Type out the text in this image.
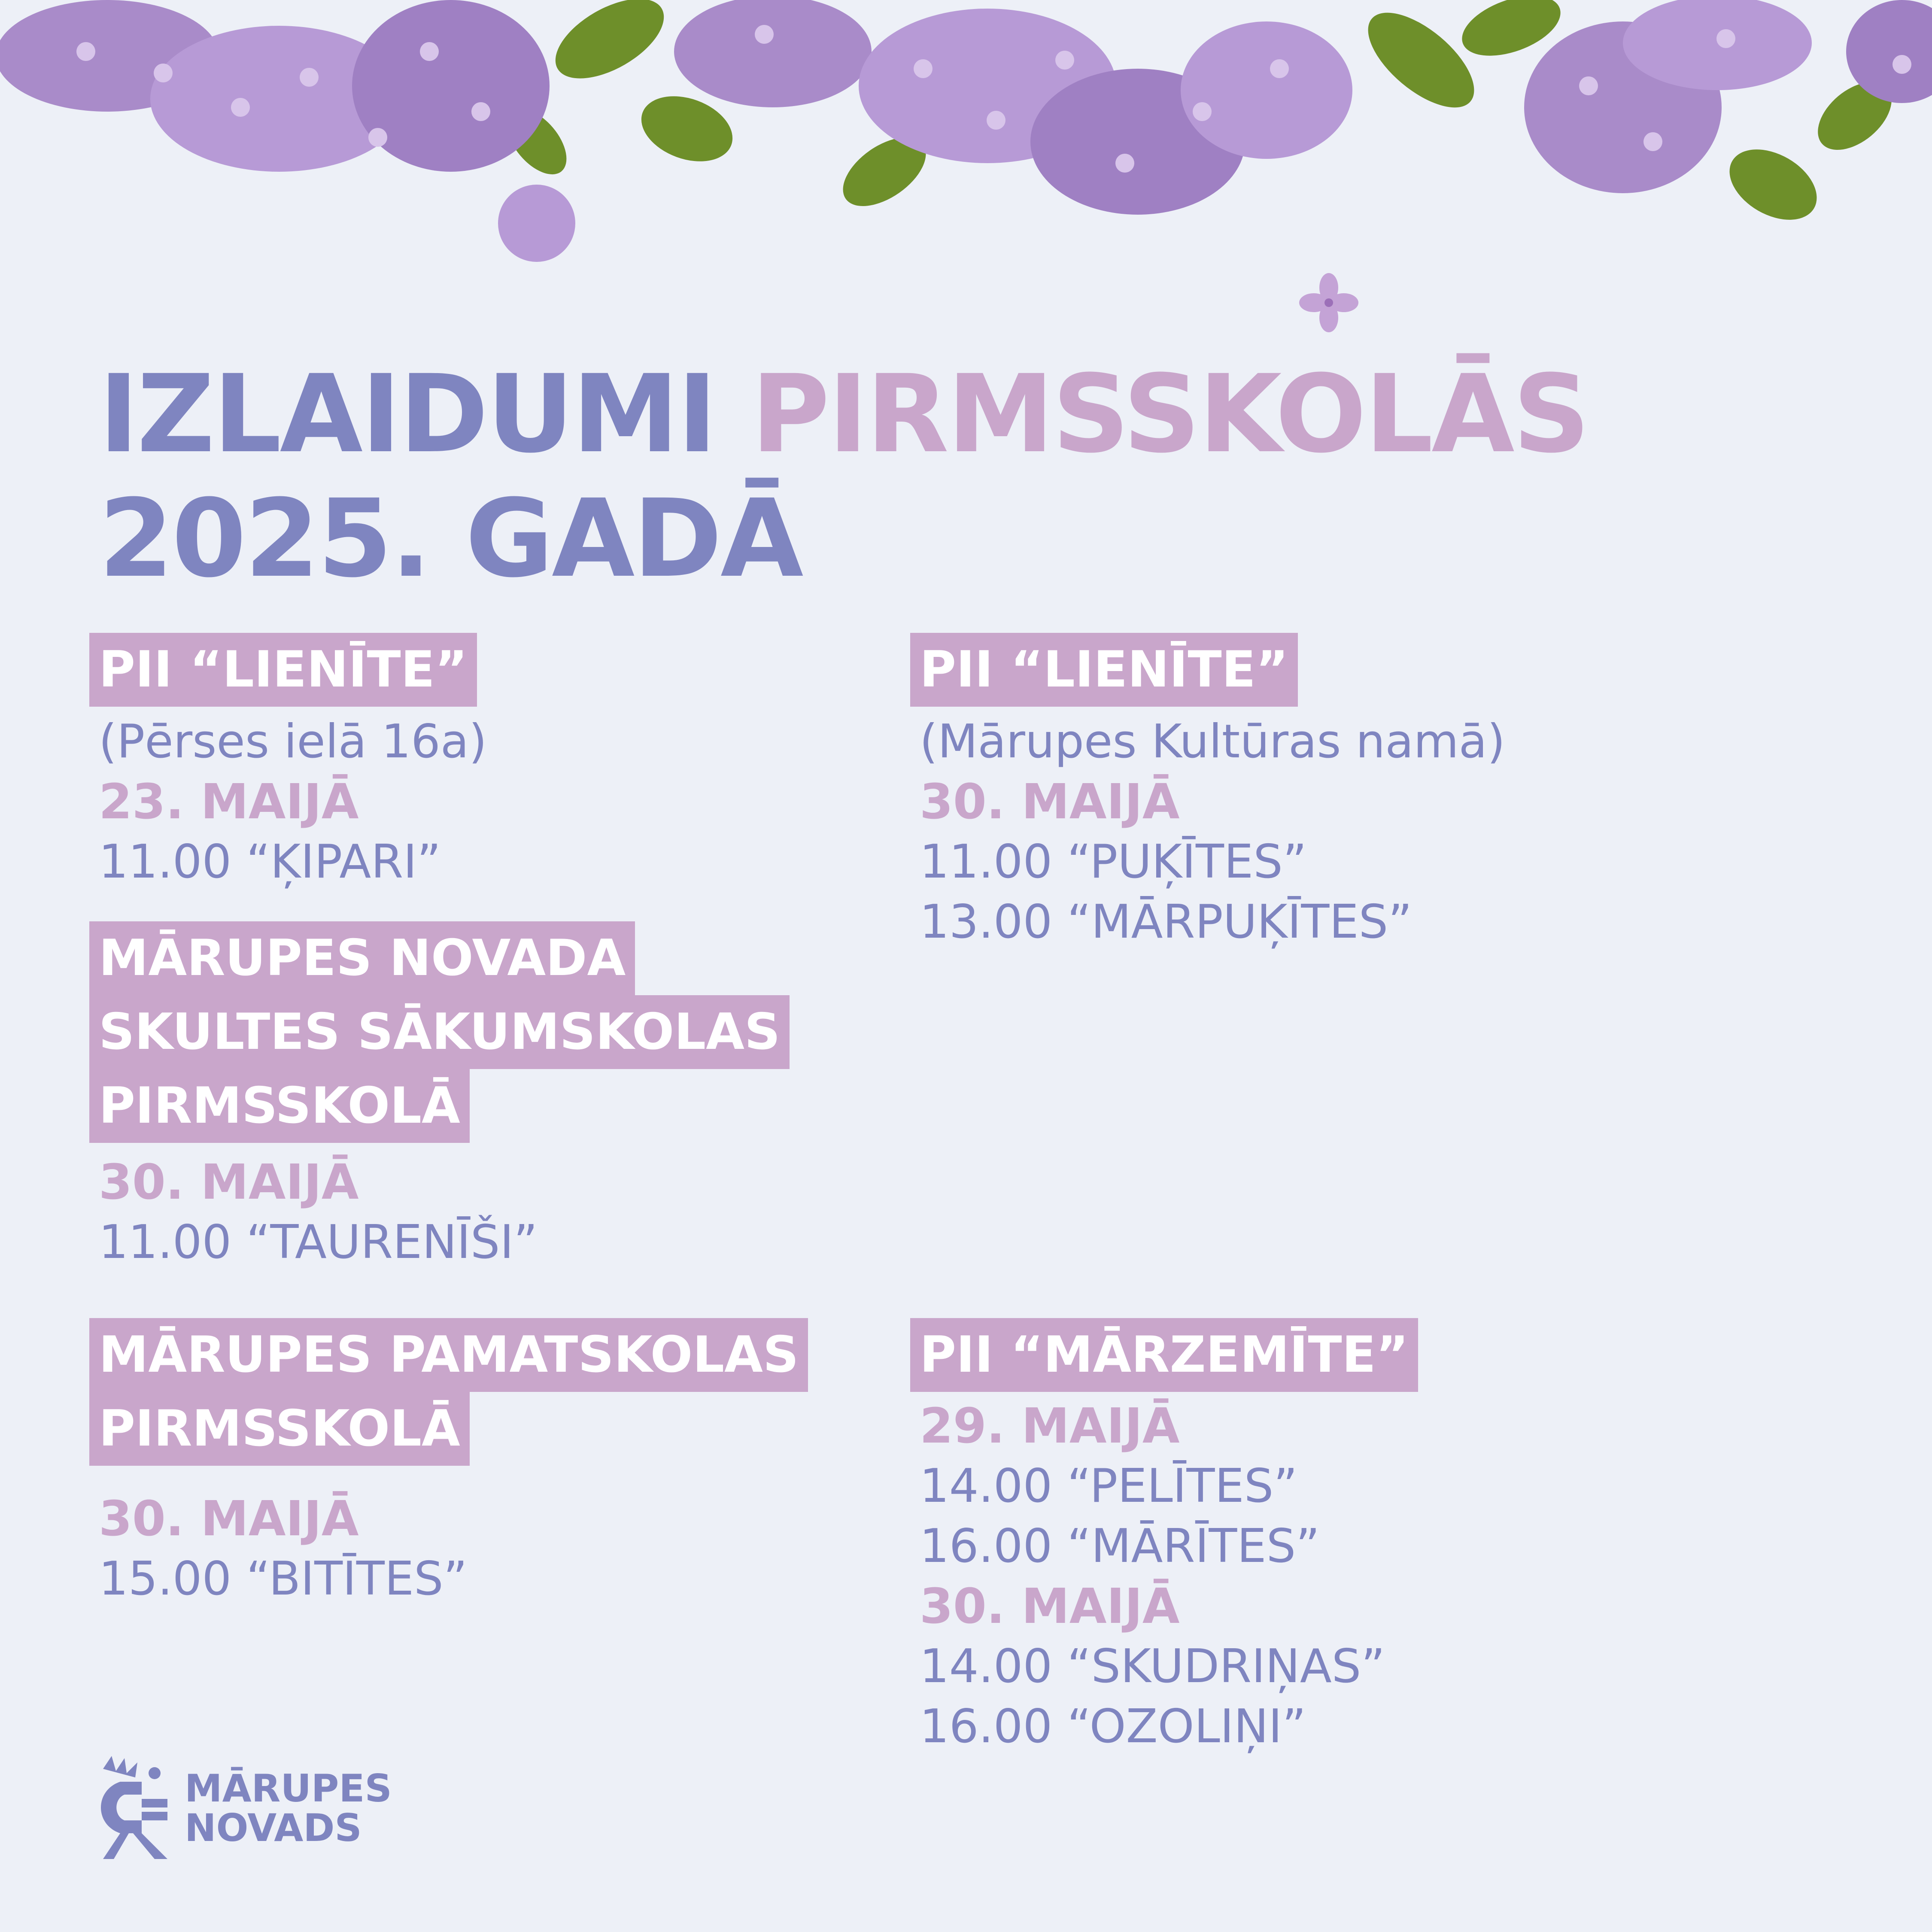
IZLAIDUMI PIRMSSKOLĀS
2025. GADĀ
PII “LIENĪTE”
(Pērses ielā 16a)
23. MAIJĀ
11.00 “ĶIPARI”
PII “LIENĪTE”
(Mārupes Kultūras namā)
30. MAIJĀ
11.00 “PUĶĪTES”
13.00 “MĀRPUĶĪTES”
MĀRUPES NOVADA
SKULTES SĀKUMSKOLAS
PIRMSSKOLĀ
30. MAIJĀ
11.00 “TAURENĪŠI”
MĀRUPES PAMATSKOLAS
PIRMSSKOLĀ
30. MAIJĀ
15.00 “BITĪTES”
PII “MĀRZEMĪTE”
29. MAIJĀ
14.00 “PELĪTES”
16.00 “MĀRĪTES”
30. MAIJĀ
14.00 “SKUDRIŅAS”
16.00 “OZOLIŅI”
MĀRUPES
NOVADS
